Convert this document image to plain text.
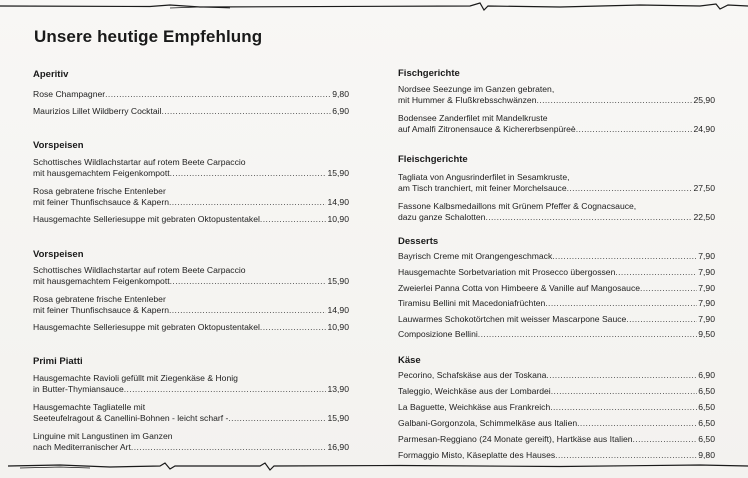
Unsere heutige Empfehlung
Aperitiv
Rose Champagner .....	9,80
Maurizios Lillet Wildberry Cocktail .....	6,90
Vorspeisen
Schottisches Wildlachstartar auf rotem Beete Carpaccio
mit hausgemachtem Feigenkompott .....	15,90
Rosa gebratene frische Entenleber
mit feiner Thunfischsauce & Kapern .....	14,90
Hausgemachte Selleriesuppe mit gebraten Oktopustentakel .....	10,90
Vorspeisen
Schottisches Wildlachstartar auf rotem Beete Carpaccio
mit hausgemachtem Feigenkompott .....	15,90
Rosa gebratene frische Entenleber
mit feiner Thunfischsauce & Kapern .....	14,90
Hausgemachte Selleriesuppe mit gebraten Oktopustentakel .....	10,90
Primi Piatti
Hausgemachte Ravioli gefüllt mit Ziegenkäse & Honig
in Butter-Thymiansauce .....	13,90
Hausgemachte Tagliatelle mit
Seeteufelragout & Canellini-Bohnen - leicht scharf - .....	15,90
Linguine mit Langustinen im Ganzen
nach Mediterranischer Art .....	16,90
Fischgerichte
Nordsee Seezunge im Ganzen gebraten,
mit Hummer & Flußkrebsschwänzen .....	25,90
Bodensee Zanderfilet mit Mandelkruste
auf Amalfi Zitronensauce & Kichererbsenpüreè .....	24,90
Fleischgerichte
Tagliata von Angusrinderfilet in Sesamkruste,
am Tisch tranchiert, mit feiner Morchelsauce .....	27,50
Fassone Kalbsmedaillons mit Grünem Pfeffer & Cognacsauce,
dazu ganze Schalotten .....	22,50
Desserts
Bayrisch Creme mit Orangengeschmack .....	7,90
Hausgemachte Sorbetvariation mit Prosecco übergossen .....	7,90
Zweierlei Panna Cotta von Himbeere & Vanille auf Mangosauce .....	7,90
Tiramisu Bellini mit Macedoniafrüchten .....	7,90
Lauwarmes Schokotörtchen mit weisser Mascarpone Sauce .....	7,90
Composizione Bellini .....	9,50
Käse
Pecorino, Schafskäse aus der Toskana .....	6,90
Taleggio, Weichkäse aus der Lombardei .....	6,50
La Baguette, Weichkäse aus Frankreich .....	6,50
Galbani-Gorgonzola, Schimmelkäse aus Italien .....	6,50
Parmesan-Reggiano (24 Monate gereift), Hartkäse aus Italien .....	6,50
Formaggio Misto, Käseplatte des Hauses .....	9,80
